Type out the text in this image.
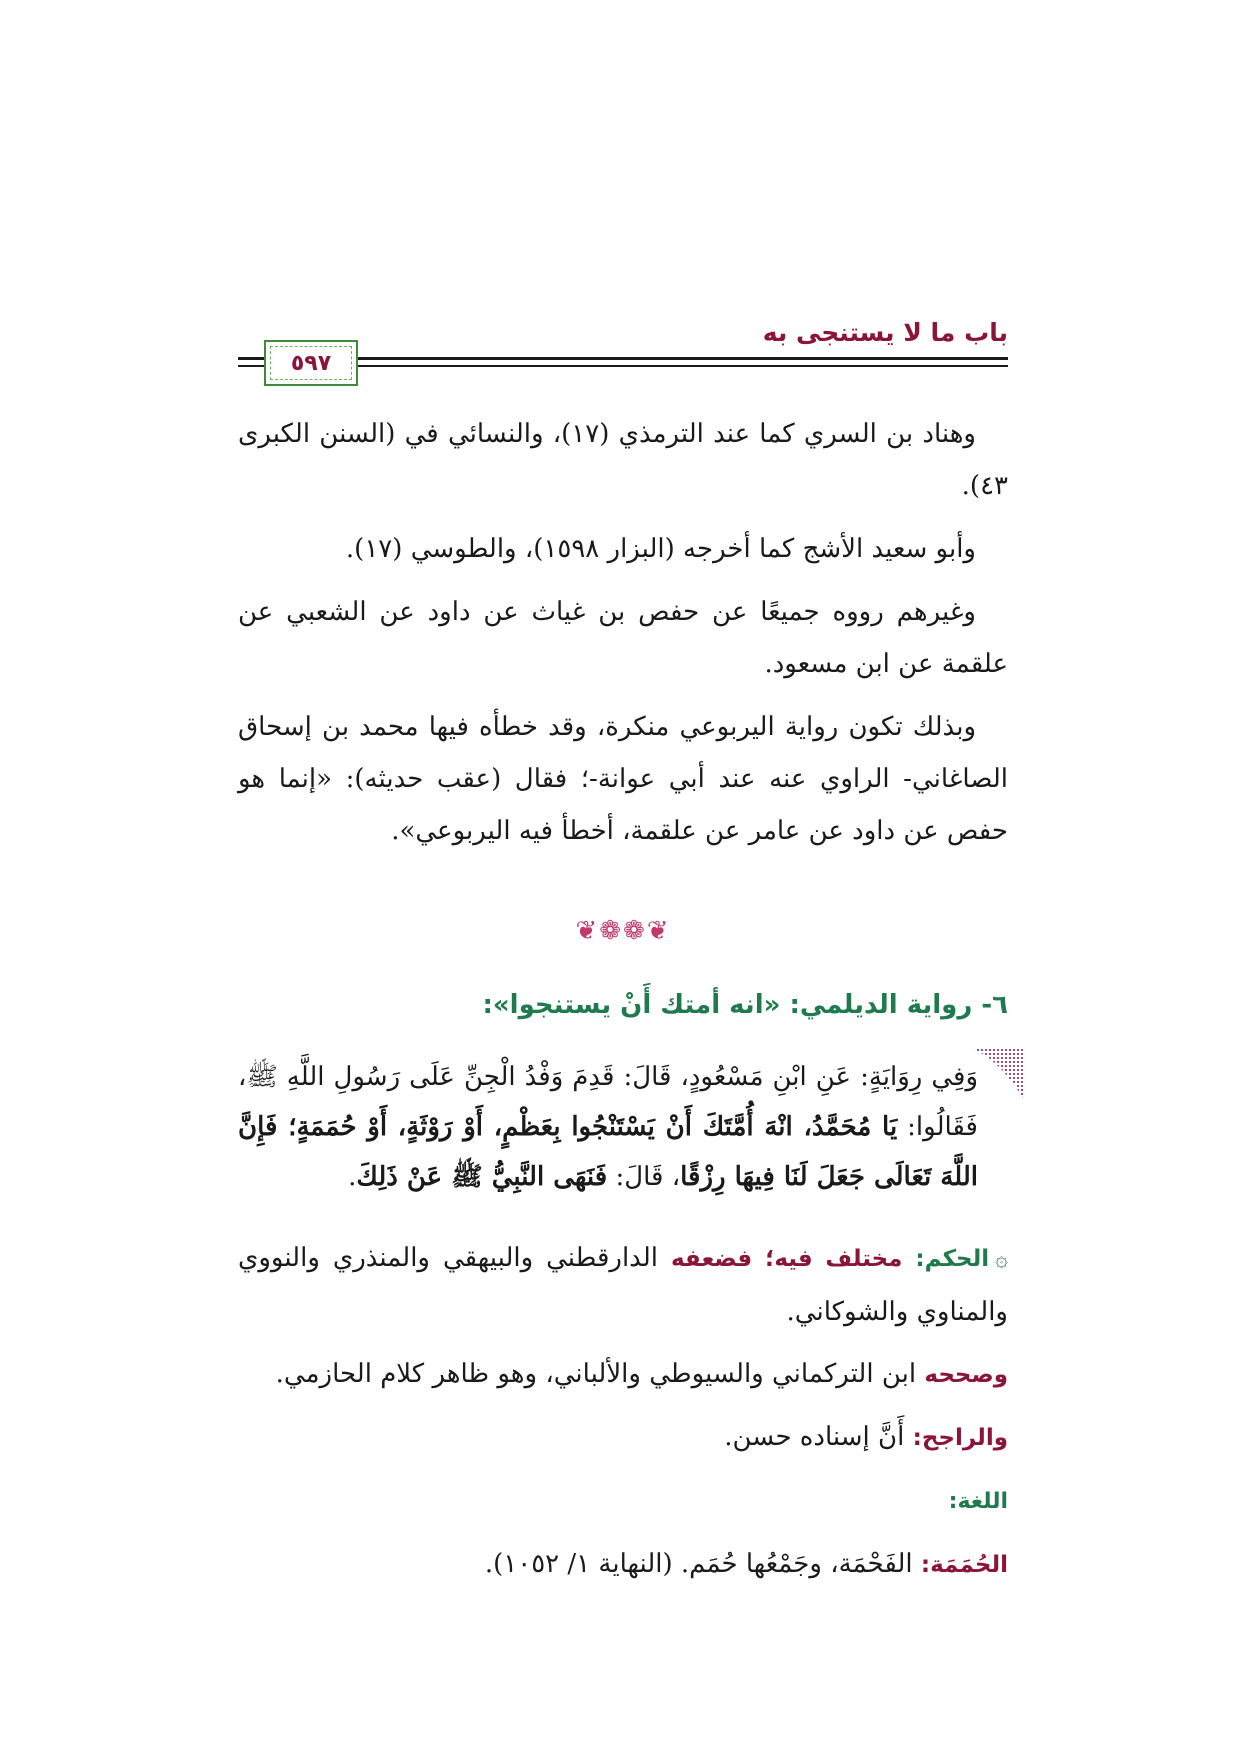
باب ما لا يستنجى به
٥٩٧

وهناد بن السري كما عند الترمذي (١٧)، والنسائي في (السنن الكبرى ٤٣).

وأبو سعيد الأشج كما أخرجه (البزار ١٥٩٨)، والطوسي (١٧).

وغيرهم رووه جميعًا عن حفص بن غياث عن داود عن الشعبي عن علقمة عن ابن مسعود.

وبذلك تكون رواية اليربوعي منكرة، وقد خطأه فيها محمد بن إسحاق الصاغاني- الراوي عنه عند أبي عوانة-؛ فقال (عقب حديثه): «إنما هو حفص عن داود عن عامر عن علقمة، أخطأ فيه اليربوعي».

❦❁❁❦
٦- رواية الديلمي: «انه أمتك أَنْ يستنجوا»:

وَفِي رِوَايَةٍ: عَنِ ابْنِ مَسْعُودٍ، قَالَ: قَدِمَ وَفْدُ الْجِنِّ عَلَى رَسُولِ اللَّهِ ﷺ، فَقَالُوا: يَا مُحَمَّدُ، انْهَ أُمَّتَكَ أَنْ يَسْتَنْجُوا بِعَظْمٍ، أَوْ رَوْثَةٍ، أَوْ حُمَمَةٍ؛ فَإِنَّ اللَّهَ تَعَالَى جَعَلَ لَنَا فِيهَا رِزْقًا، قَالَ: فَنَهَى النَّبِيُّ ﷺ عَنْ ذَلِكَ.

۞الحكم: مختلف فيه؛ فضعفه الدارقطني والبيهقي والمنذري والنووي والمناوي والشوكاني.

وصححه ابن التركماني والسيوطي والألباني، وهو ظاهر كلام الحازمي.

والراجح: أَنَّ إسناده حسن.

اللغة:

الحُمَمَة: الفَحْمَة، وجَمْعُها حُمَم. (النهاية ١/ ١٠٥٢).
